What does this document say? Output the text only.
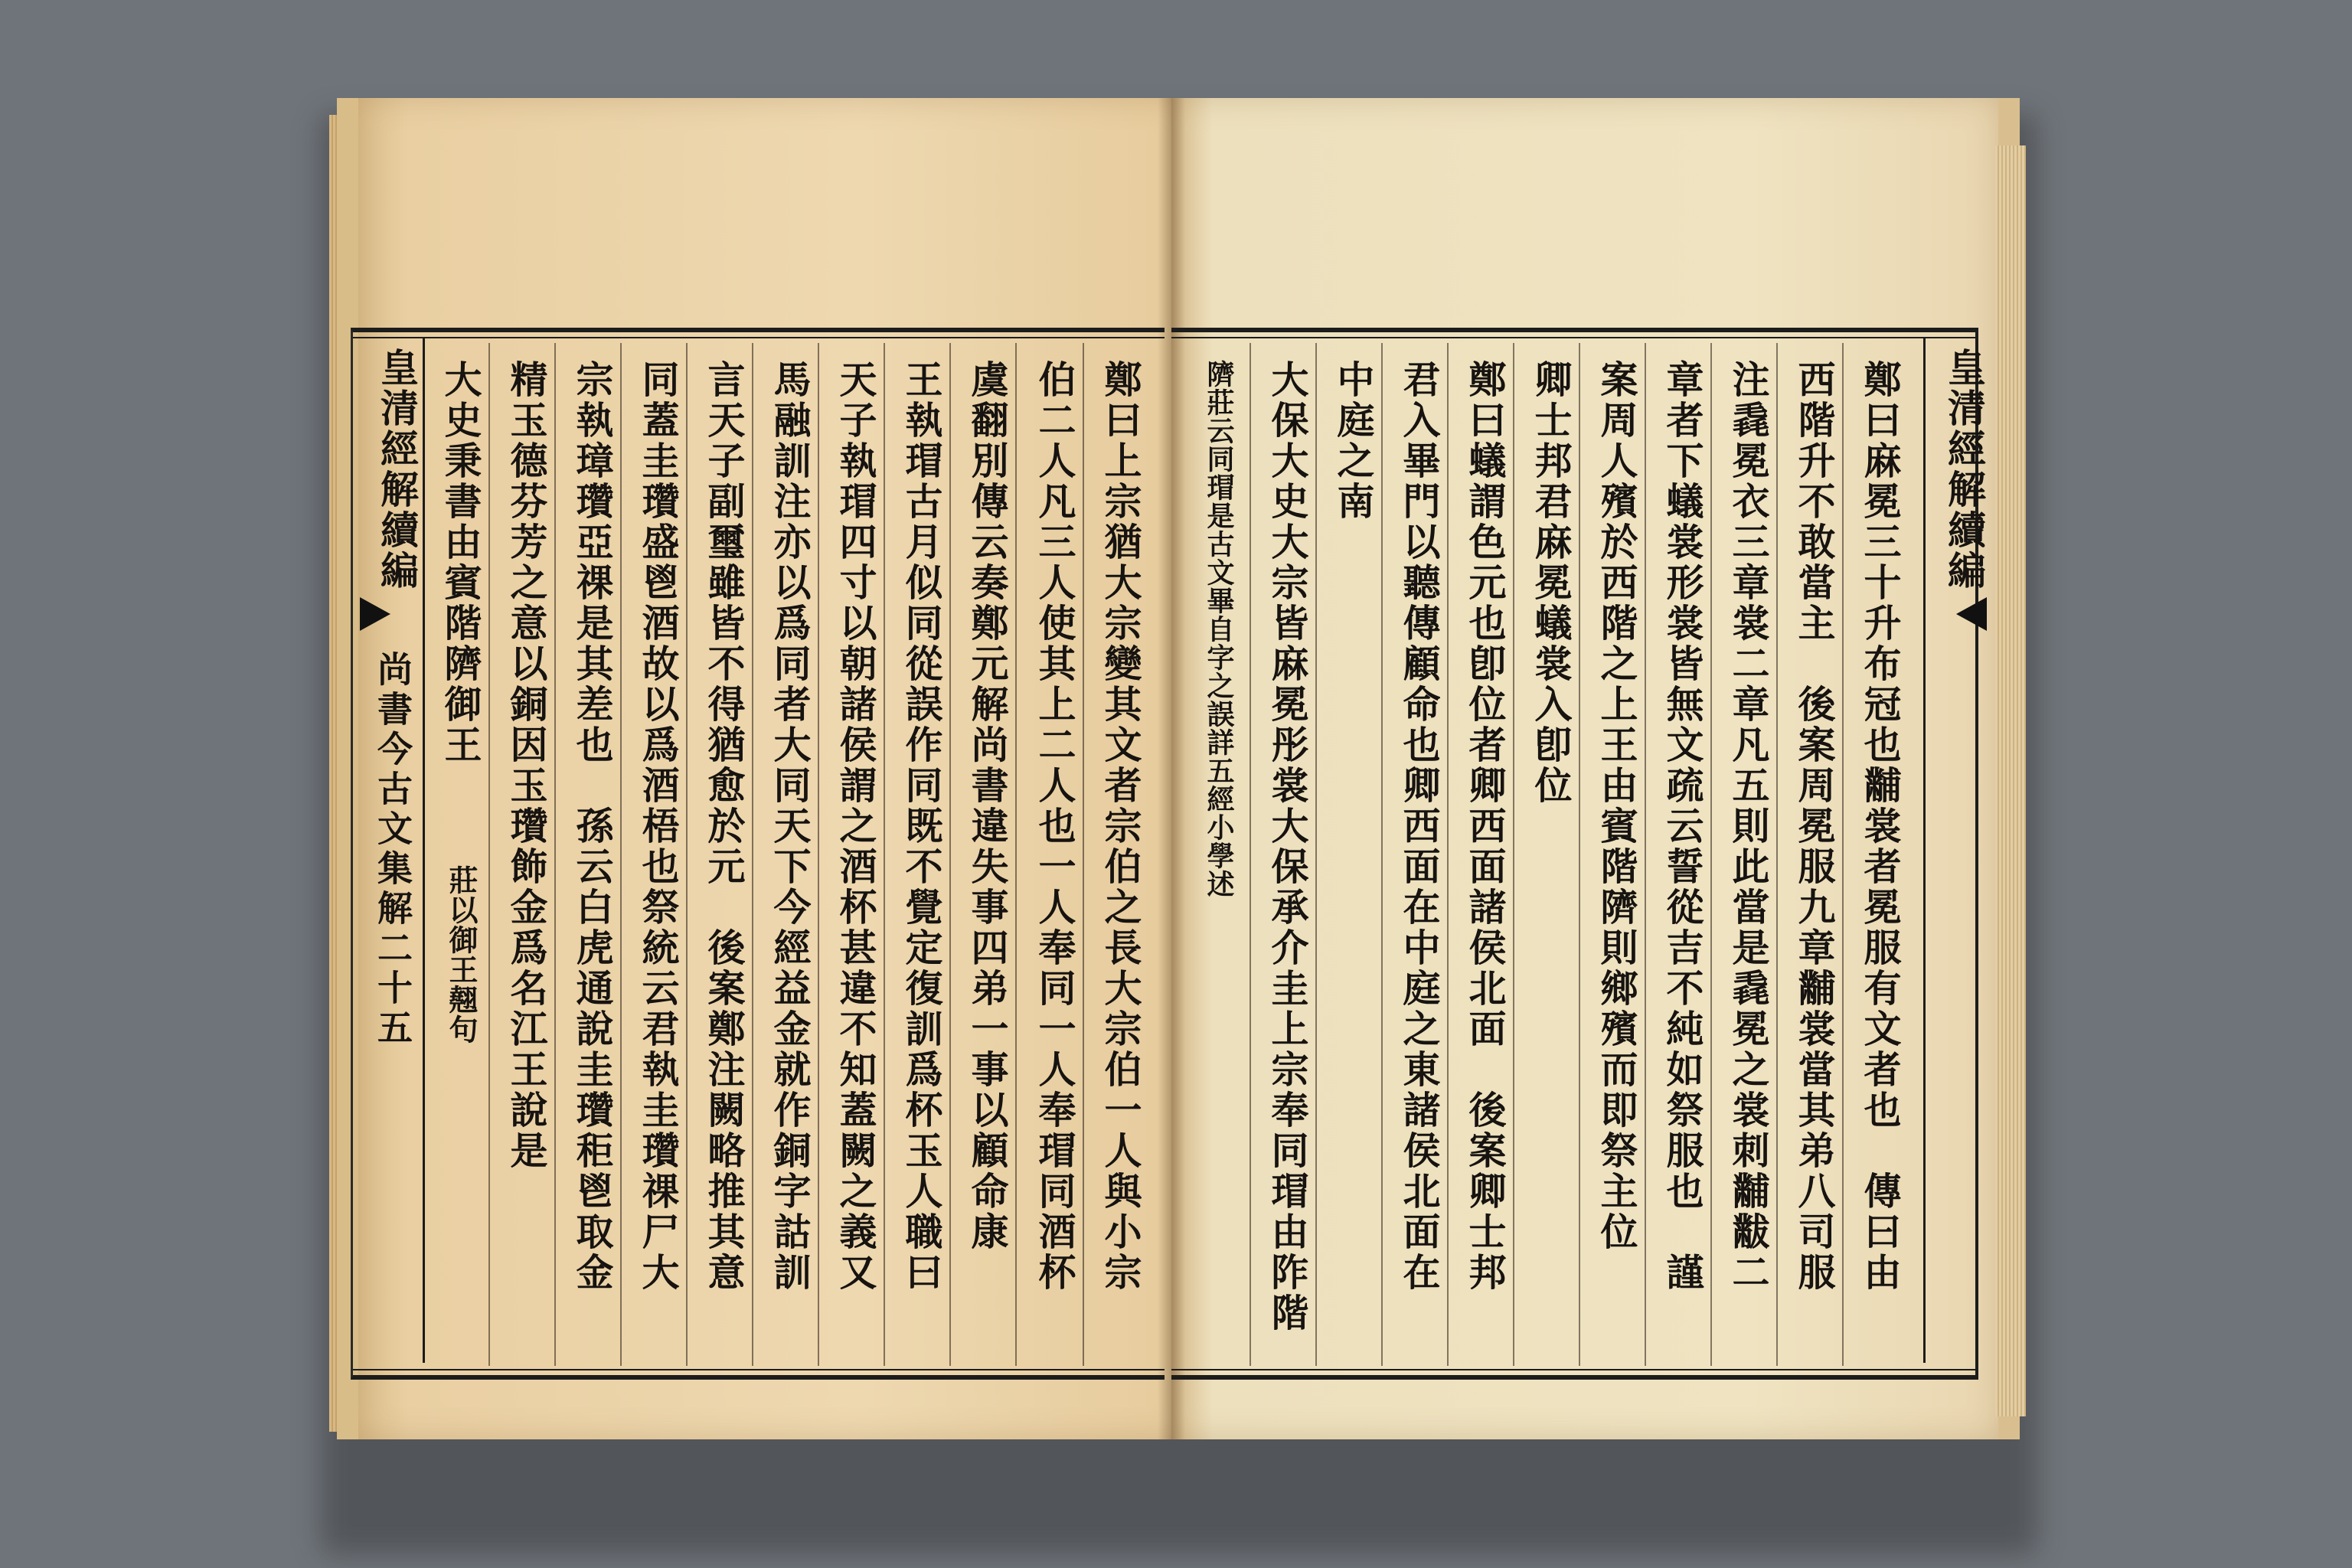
皇清經解續編
尚書今古文集解二十五	鄭曰上宗猶大宗變其文者宗伯之長大宗伯一人與小宗
伯二人凡三人使其上二人也一人奉同一人奉瑁同酒杯
虞翻別傳云奏鄭元解尚書違失事四弟一事以顧命康
王執瑁古月似同從誤作同既不覺定復訓爲杯玉人職曰
天子執瑁四寸以朝諸侯謂之酒杯甚違不知蓋闕之義又
馬融訓注亦以爲同者大同天下今經益金就作銅字詁訓
言天子副璽雖皆不得猶愈於元　後案鄭注闕略推其意
同蓋圭瓚盛鬯酒故以爲酒梧也祭統云君執圭瓚祼尸大
宗執璋瓚亞祼是其差也　孫云白虎通說圭瓚秬鬯取金
精玉德芬芳之意以銅因玉瓚飾金爲名江王說是
大史秉書由賓階隮御王
莊以御王翹句
皇清經解續編
鄭曰麻冕三十升布冠也黼裳者冕服有文者也　傳曰由
西階升不敢當主　後案周冕服九章黼裳當其弟八司服
注毳冕衣三章裳二章凡五則此當是毳冕之裳刺黼黻二
章者下蟻裳形裳皆無文疏云誓從吉不純如祭服也　謹
案周人殯於西階之上王由賓階隮則鄉殯而即祭主位
卿士邦君麻冕蟻裳入卽位
鄭曰蟻謂色元也卽位者卿西面諸侯北面　後案卿士邦
君入畢門以聽傳顧命也卿西面在中庭之東諸侯北面在
中庭之南
大保大史大宗皆麻冕彤裳大保承介圭上宗奉同瑁由阼階
隮莊云同瑁是古文畢自字之誤詳五經小學述
